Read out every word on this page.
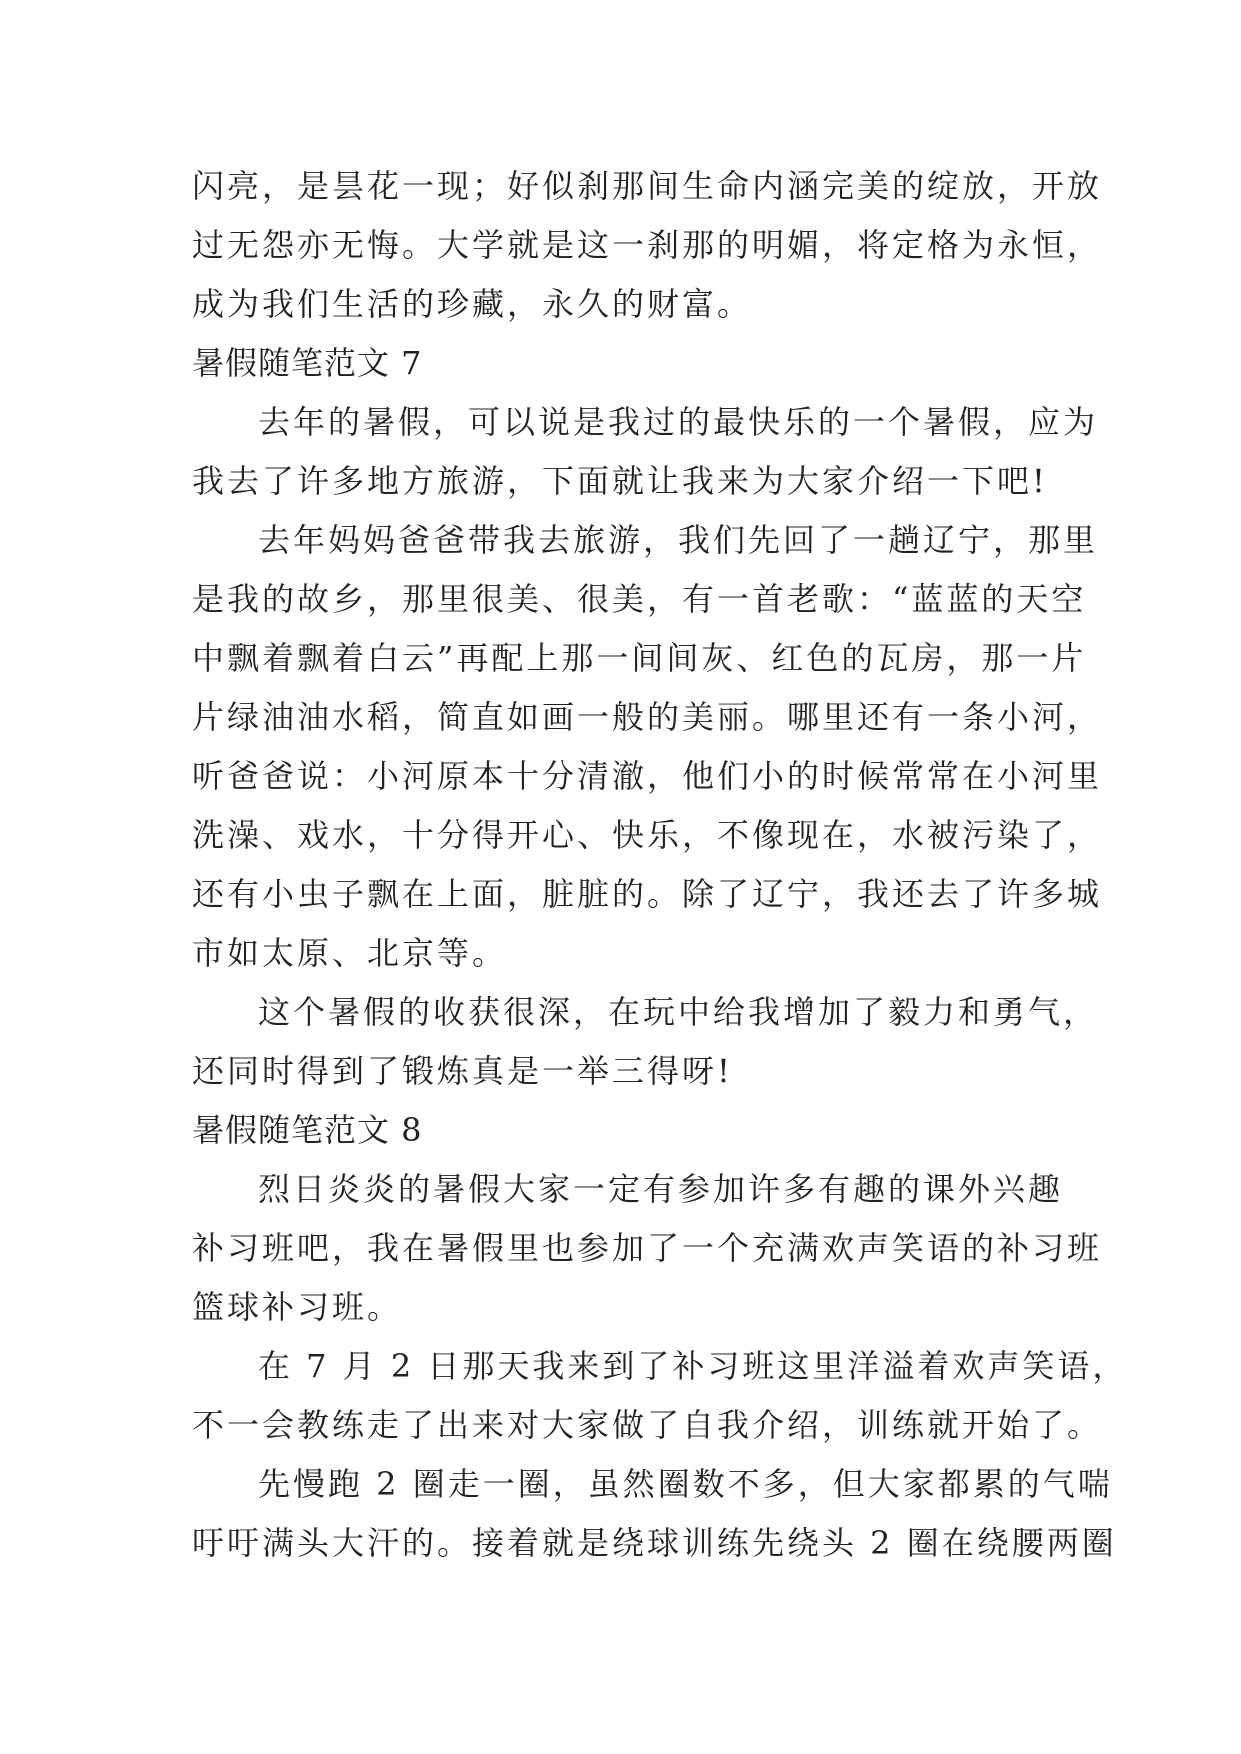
闪亮，是昙花一现；好似刹那间生命内涵完美的绽放，开放
过无怨亦无悔。大学就是这一刹那的明媚，将定格为永恒，
成为我们生活的珍藏，永久的财富。
暑假随笔范文 7
去年的暑假，可以说是我过的最快乐的一个暑假，应为
我去了许多地方旅游，下面就让我来为大家介绍一下吧!
去年妈妈爸爸带我去旅游，我们先回了一趟辽宁，那里
是我的故乡，那里很美、很美，有一首老歌：“蓝蓝的天空
中飘着飘着白云”再配上那一间间灰、红色的瓦房，那一片
片绿油油水稻，简直如画一般的美丽。哪里还有一条小河，
听爸爸说：小河原本十分清澈，他们小的时候常常在小河里
洗澡、戏水，十分得开心、快乐，不像现在，水被污染了，
还有小虫子飘在上面，脏脏的。除了辽宁，我还去了许多城
市如太原、北京等。
这个暑假的收获很深，在玩中给我增加了毅力和勇气，
还同时得到了锻炼真是一举三得呀!
暑假随笔范文 8
烈日炎炎的暑假大家一定有参加许多有趣的课外兴趣
补习班吧，我在暑假里也参加了一个充满欢声笑语的补习班
篮球补习班。
在 7 月 2 日那天我来到了补习班这里洋溢着欢声笑语，
不一会教练走了出来对大家做了自我介绍，训练就开始了。
先慢跑 2 圈走一圈，虽然圈数不多，但大家都累的气喘
吁吁满头大汗的。接着就是绕球训练先绕头 2 圈在绕腰两圈
